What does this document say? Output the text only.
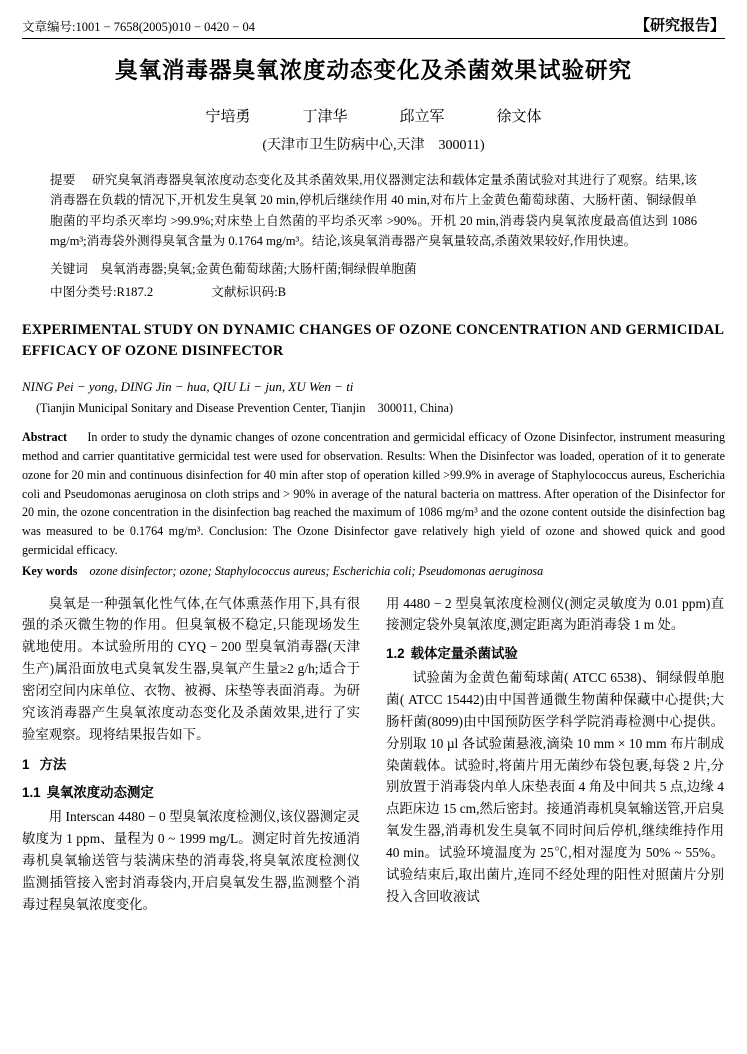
文章编号:1001 − 7658(2005)010 − 0420 − 04	【研究报告】
臭氧消毒器臭氧浓度动态变化及杀菌效果试验研究
宁培勇	丁津华	邱立军	徐文体
(天津市卫生防病中心,天津　300011)
提要 研究臭氧消毒器臭氧浓度动态变化及其杀菌效果,用仪器测定法和载体定量杀菌试验对其进行了观察。结果,该消毒器在负载的情况下,开机发生臭氧 20 min,停机后继续作用 40 min,对布片上金黄色葡萄球菌、大肠杆菌、铜绿假单胞菌的平均杀灭率均 >99.9%;对床垫上自然菌的平均杀灭率 >90%。开机 20 min,消毒袋内臭氧浓度最高值达到 1086 mg/m³;消毒袋外测得臭氧含量为 0.1764 mg/m³。结论,该臭氧消毒器产臭氧量较高,杀菌效果较好,作用快速。
关键词 臭氧消毒器;臭氧;金黄色葡萄球菌;大肠杆菌;铜绿假单胞菌
中图分类号:R187.2	文献标识码:B
EXPERIMENTAL STUDY ON DYNAMIC CHANGES OF OZONE CONCENTRATION AND GERMICIDAL EFFICACY OF OZONE DISINFECTOR
NING Pei − yong, DING Jin − hua, QIU Li − jun, XU Wen − ti
(Tianjin Municipal Sonitary and Disease Prevention Center, Tianjin　300011, China)
Abstract In order to study the dynamic changes of ozone concentration and germicidal efficacy of Ozone Disinfector, instrument measuring method and carrier quantitative germicidal test were used for observation. Results: When the Disinfector was loaded, operation of it to generate ozone for 20 min and continuous disinfection for 40 min after stop of operation killed >99.9% in average of Staphylococcus aureus, Escherichia coli and Pseudomonas aeruginosa on cloth strips and > 90% in average of the natural bacteria on mattress. After operation of the Disinfector for 20 min, the ozone concentration in the disinfection bag reached the maximum of 1086 mg/m³ and the ozone content outside the disinfection bag was measured to be 0.1764 mg/m³. Conclusion: The Ozone Disinfector gave relatively high yield of ozone and showed quick and good germicidal efficacy.
Key words ozone disinfector; ozone; Staphylococcus aureus; Escherichia coli; Pseudomonas aeruginosa

臭氧是一种强氧化性气体,在气体熏蒸作用下,具有很强的杀灭微生物的作用。但臭氧极不稳定,只能现场发生就地使用。本试验所用的 CYQ − 200 型臭氧消毒器(天津生产)属沿面放电式臭氧发生器,臭氧产生量≥2 g/h;适合于密闭空间内床单位、衣物、被褥、床垫等表面消毒。为研究该消毒器产生臭氧浓度动态变化及杀菌效果,进行了实验室观察。现将结果报告如下。

1 方法
1.1 臭氧浓度动态测定

用 Interscan 4480 − 0 型臭氧浓度检测仪,该仪器测定灵敏度为 1 ppm、量程为 0 ~ 1999 mg/L。测定时首先按通消毒机臭氧输送管与装满床垫的消毒袋,将臭氧浓度检测仪监测插管接入密封消毒袋内,开启臭氧发生器,监测整个消毒过程臭氧浓度变化。

用 4480 − 2 型臭氧浓度检测仪(测定灵敏度为 0.01 ppm)直接测定袋外臭氧浓度,测定距离为距消毒袋 1 m 处。

1.2 载体定量杀菌试验

试验菌为金黄色葡萄球菌( ATCC 6538)、铜绿假单胞菌( ATCC 15442)由中国普通微生物菌种保藏中心提供;大肠杆菌(8099)由中国预防医学科学院消毒检测中心提供。分别取 10 µl 各试验菌悬液,滴染 10 mm × 10 mm 布片制成染菌载体。试验时,将菌片用无菌纱布袋包裹,每袋 2 片,分别放置于消毒袋内单人床垫表面 4 角及中间共 5 点,边缘 4 点距床边 15 cm,然后密封。接通消毒机臭氧输送管,开启臭氧发生器,消毒机发生臭氧不同时间后停机,继续维持作用 40 min。试验环境温度为 25℃,相对湿度为 50% ~ 55%。试验结束后,取出菌片,连同不经处理的阳性对照菌片分别投入含回收液试
